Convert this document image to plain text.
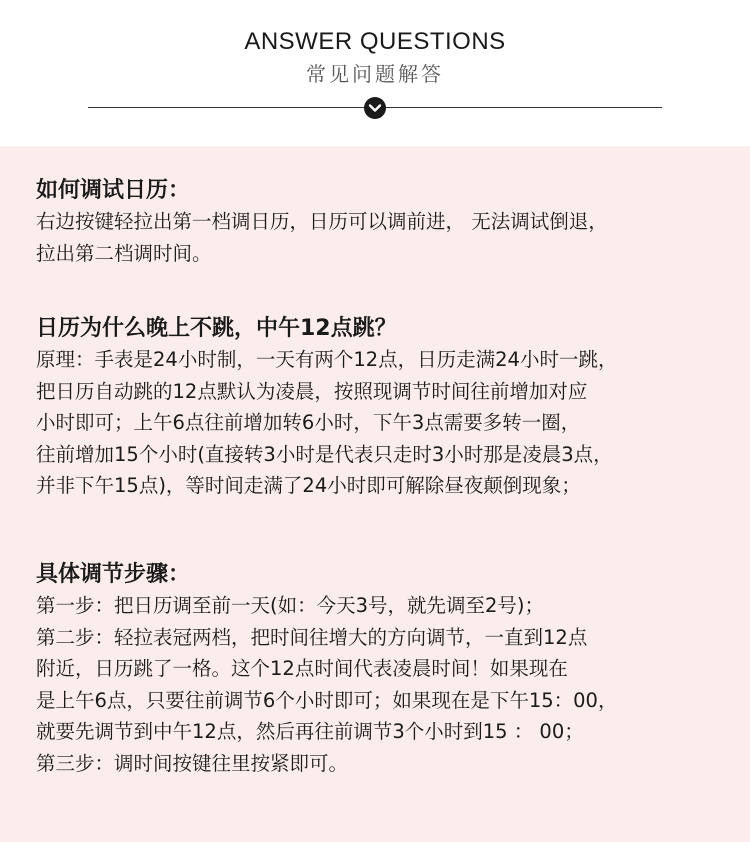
ANSWER QUESTIONS
常见问题解答
如何调试日历：
右边按键轻拉出第一档调日历，日历可以调前进， 无法调试倒退，
拉出第二档调时间。
日历为什么晚上不跳，中午12点跳？
原理：手表是24小时制，一天有两个12点，日历走满24小时一跳，
把日历自动跳的12点默认为凌晨，按照现调节时间往前增加对应
小时即可；上午6点往前增加转6小时，下午3点需要多转一圈，
往前增加15个小时(直接转3小时是代表只走时3小时那是凌晨3点，
并非下午15点)，等时间走满了24小时即可解除昼夜颠倒现象；
具体调节步骤：
第一步：把日历调至前一天(如：今天3号，就先调至2号)；
第二步：轻拉表冠两档，把时间往增大的方向调节，一直到12点
附近，日历跳了一格。这个12点时间代表凌晨时间！如果现在
是上午6点，只要往前调节6个小时即可；如果现在是下午15：00，
就要先调节到中午12点，然后再往前调节3个小时到15 ： 00；
第三步：调时间按键往里按紧即可。
